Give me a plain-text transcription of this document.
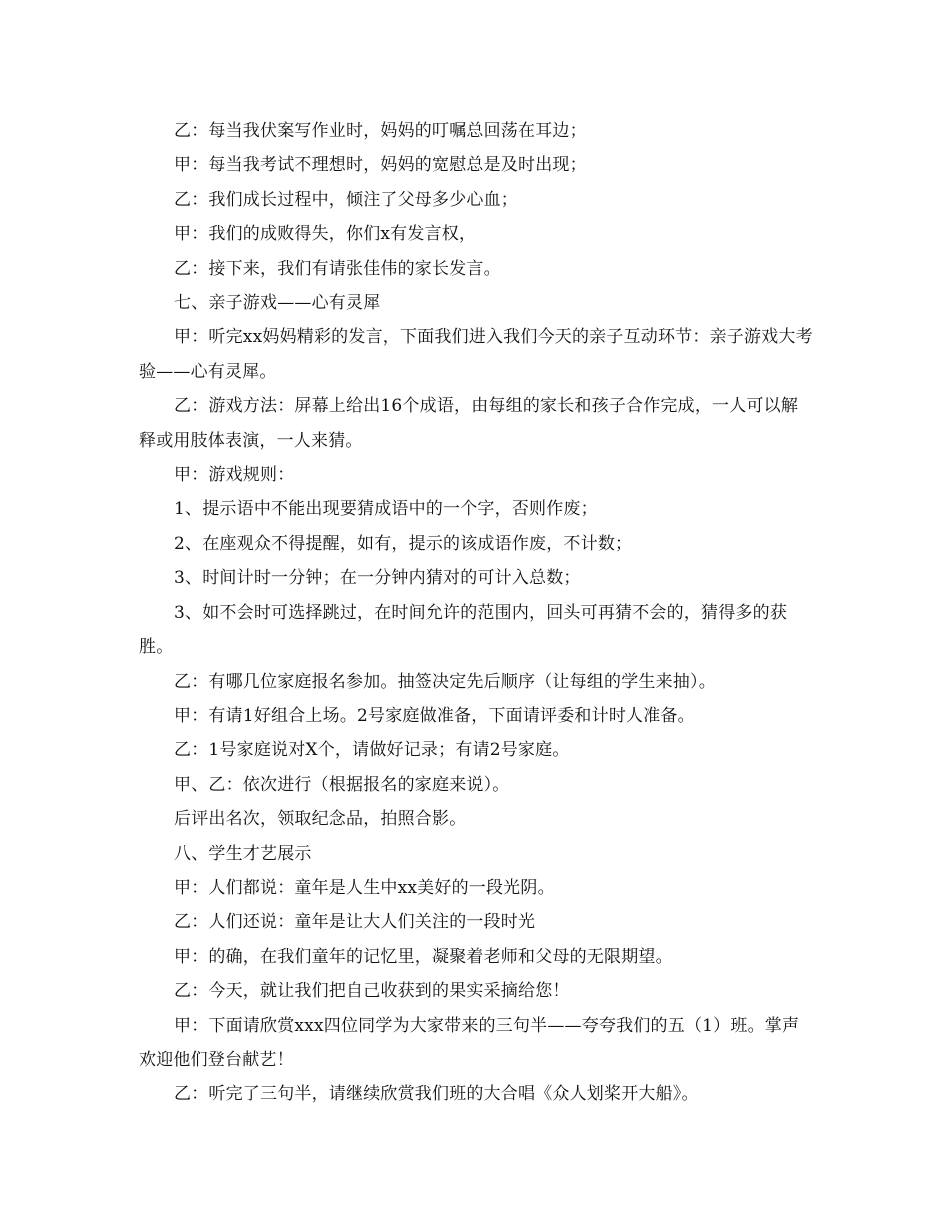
乙：每当我伏案写作业时，妈妈的叮嘱总回荡在耳边；

甲：每当我考试不理想时，妈妈的宽慰总是及时出现；

乙：我们成长过程中，倾注了父母多少心血；

甲：我们的成败得失，你们x有发言权，

乙：接下来，我们有请张佳伟的家长发言。

七、亲子游戏——心有灵犀

甲：听完xx妈妈精彩的发言，下面我们进入我们今天的亲子互动环节：亲子游戏大考验——心有灵犀。

乙：游戏方法：屏幕上给出16个成语，由每组的家长和孩子合作完成，一人可以解释或用肢体表演，一人来猜。

甲：游戏规则：

1、提示语中不能出现要猜成语中的一个字，否则作废；

2、在座观众不得提醒，如有，提示的该成语作废，不计数；

3、时间计时一分钟；在一分钟内猜对的可计入总数；

3、如不会时可选择跳过，在时间允许的范围内，回头可再猜不会的，猜得多的获胜。

乙：有哪几位家庭报名参加。抽签决定先后顺序（让每组的学生来抽）。

甲：有请1好组合上场。2号家庭做准备，下面请评委和计时人准备。

乙：1号家庭说对X个，请做好记录；有请2号家庭。

甲、乙：依次进行（根据报名的家庭来说）。

后评出名次，领取纪念品，拍照合影。

八、学生才艺展示

甲：人们都说：童年是人生中xx美好的一段光阴。

乙：人们还说：童年是让大人们关注的一段时光

甲：的确，在我们童年的记忆里，凝聚着老师和父母的无限期望。

乙：今天，就让我们把自己收获到的果实采摘给您！

甲：下面请欣赏xxx四位同学为大家带来的三句半——夸夸我们的五（1）班。掌声欢迎他们登台献艺！

乙：听完了三句半，请继续欣赏我们班的大合唱《众人划桨开大船》。
